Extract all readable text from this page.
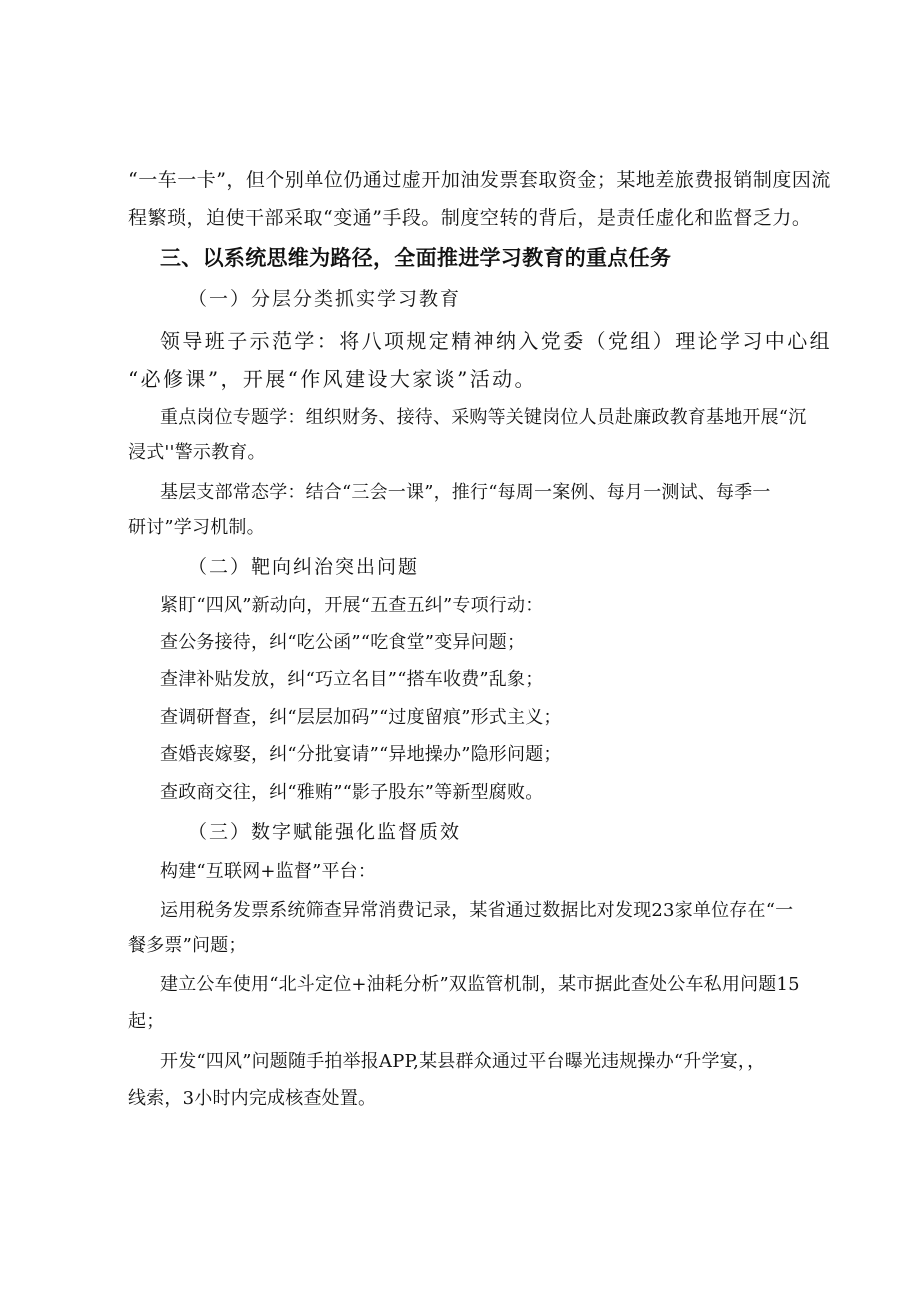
“一车一卡”，但个别单位仍通过虚开加油发票套取资金；某地差旅费报销制度因流
程繁琐，迫使干部采取“变通”手段。制度空转的背后，是责任虚化和监督乏力。
三、以系统思维为路径，全面推进学习教育的重点任务
（一）分层分类抓实学习教育
领导班子示范学：将八项规定精神纳入党委（党组）理论学习中心组
“必修课”，开展“作风建设大家谈”活动。
重点岗位专题学：组织财务、接待、采购等关键岗位人员赴廉政教育基地开展“沉
浸式''警示教育。
基层支部常态学：结合“三会一课”，推行“每周一案例、每月一测试、每季一
研讨”学习机制。
（二）靶向纠治突出问题
紧盯“四风”新动向，开展“五查五纠”专项行动：
查公务接待，纠“吃公函”“吃食堂”变异问题；
查津补贴发放，纠“巧立名目”“搭车收费”乱象；
查调研督查，纠“层层加码”“过度留痕”形式主义；
查婚丧嫁娶，纠“分批宴请”“异地操办”隐形问题；
查政商交往，纠“雅贿”“影子股东”等新型腐败。
（三）数字赋能强化监督质效
构建“互联网+监督”平台：
运用税务发票系统筛查异常消费记录，某省通过数据比对发现23家单位存在“一
餐多票”问题；
建立公车使用“北斗定位+油耗分析”双监管机制，某市据此查处公车私用问题15
起；
开发“四风”问题随手拍举报APP,某县群众通过平台曝光违规操办“升学宴，，
线索，3小时内完成核查处置。
